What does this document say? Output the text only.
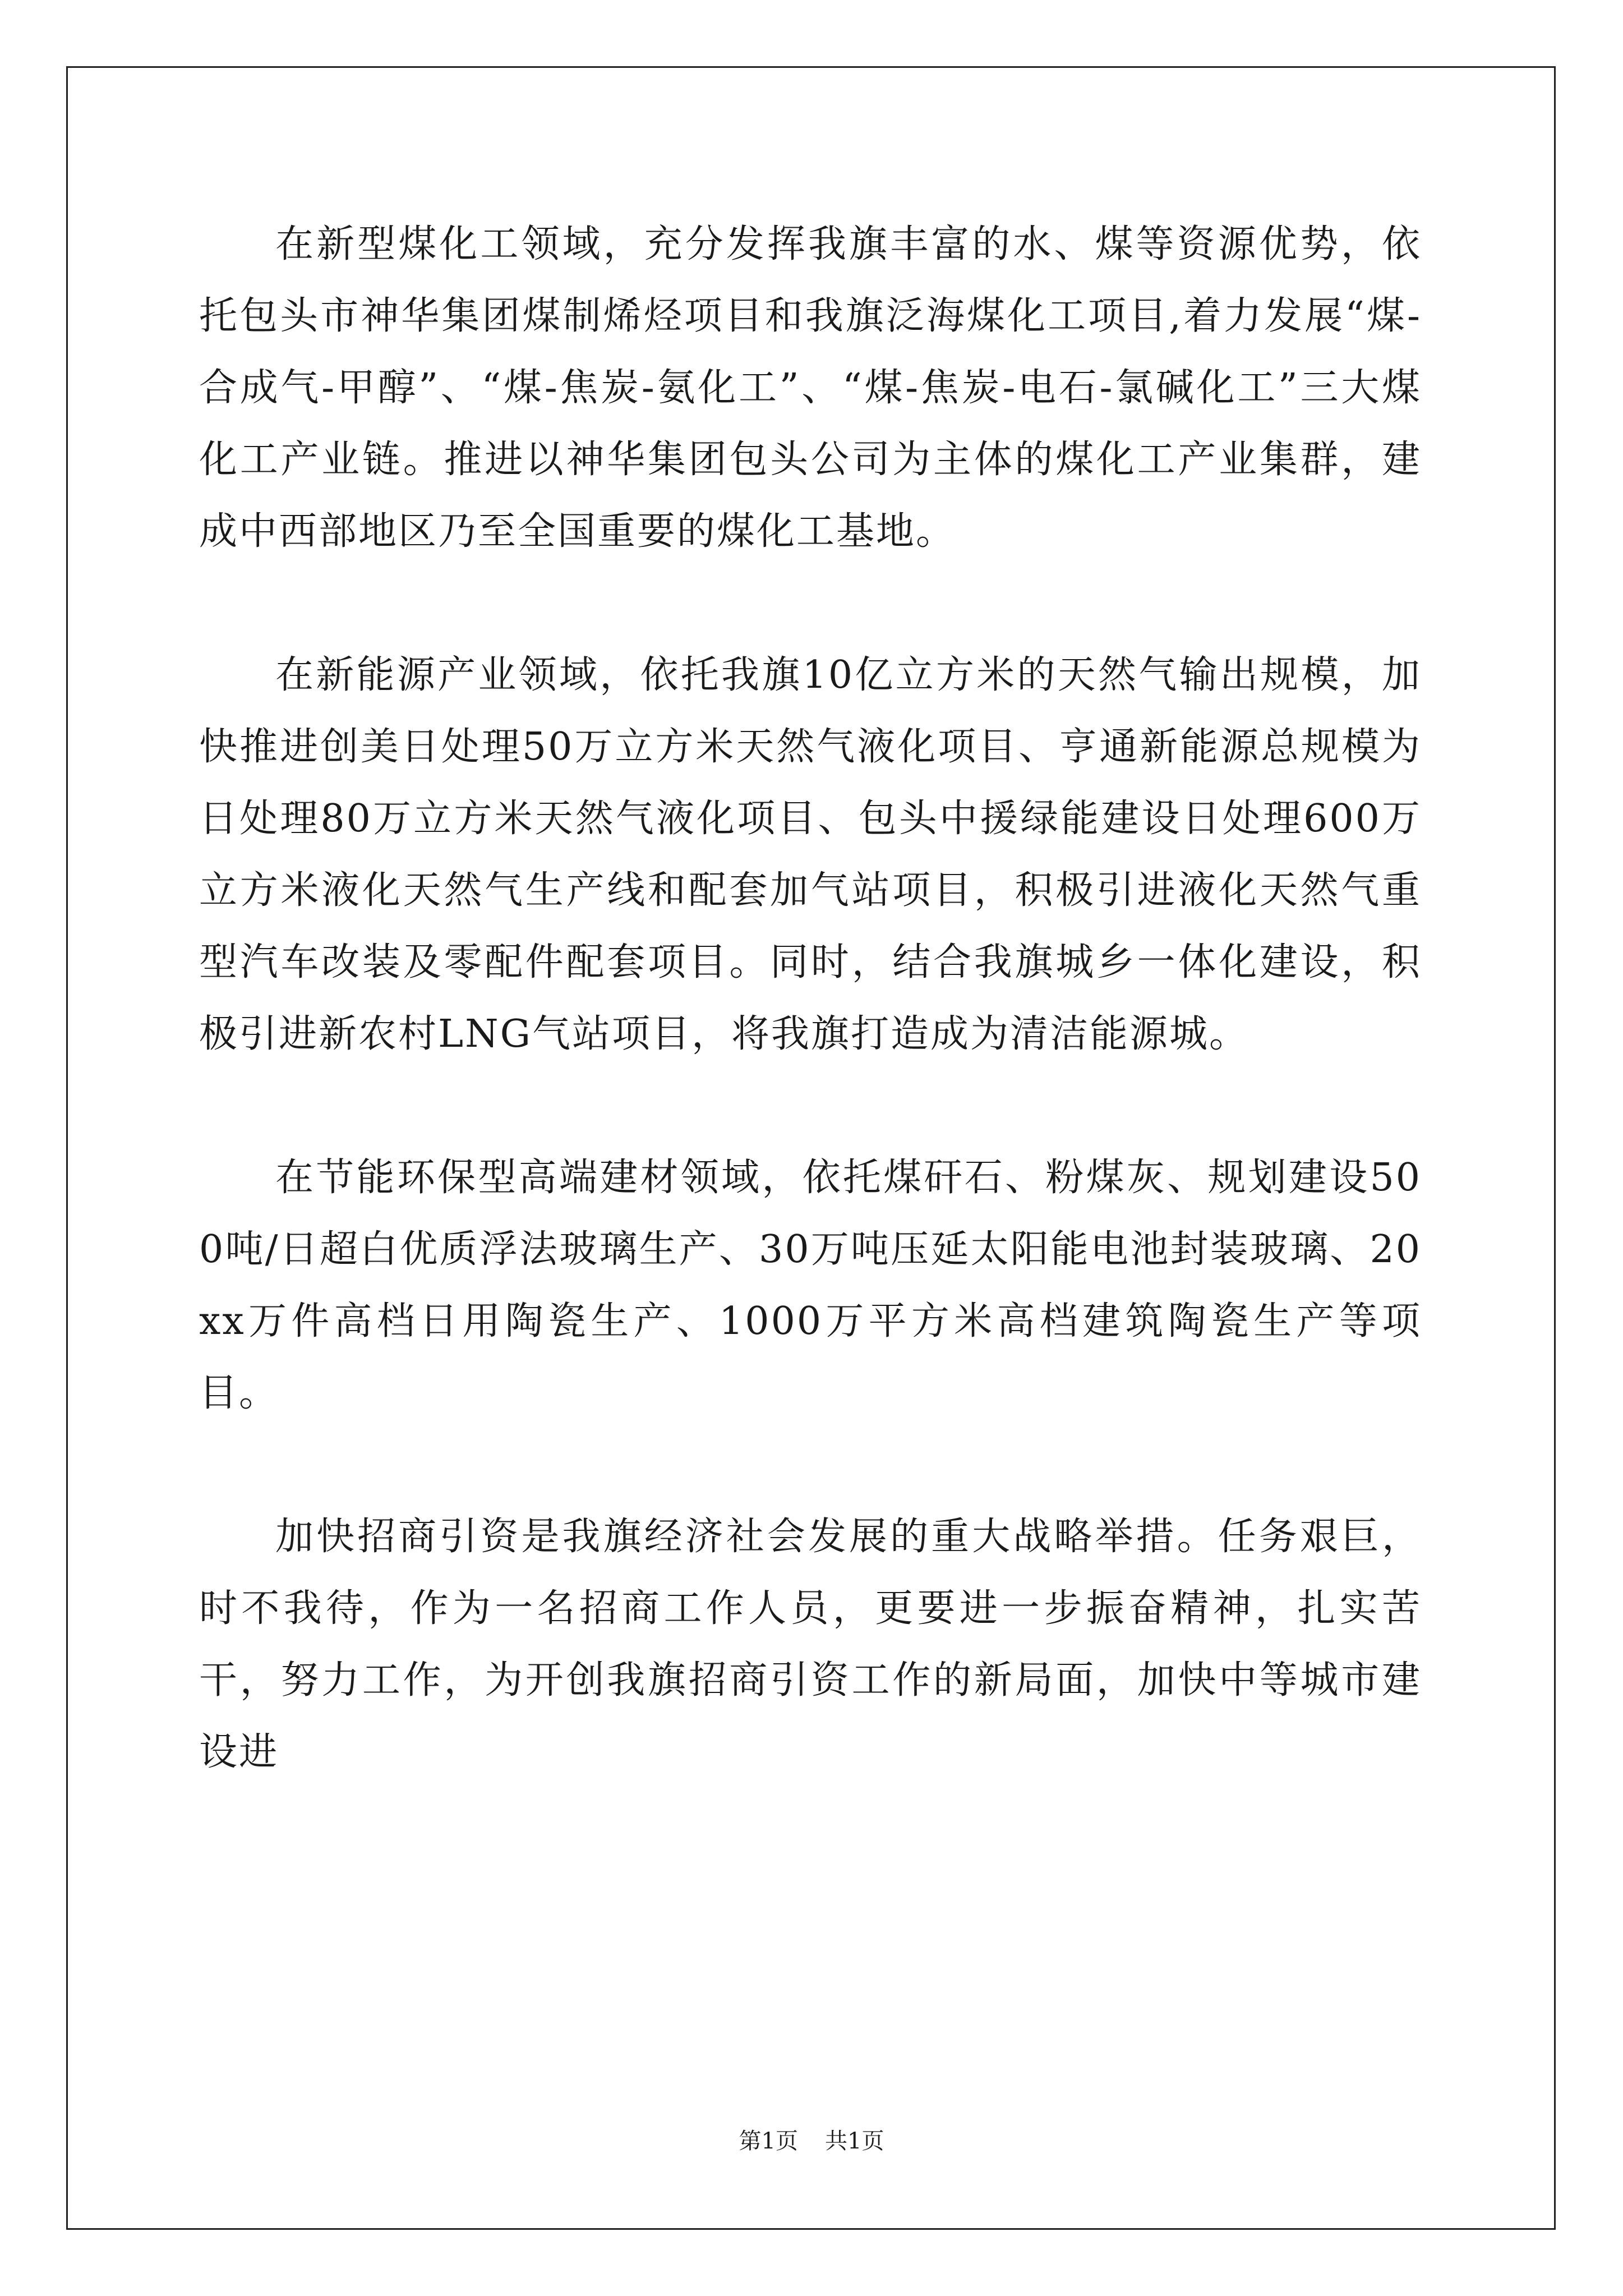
在新型煤化工领域，充分发挥我旗丰富的水、煤等资源优势，依托包头市神华集团煤制烯烃项目和我旗泛海煤化工项目,着力发展“煤-合成气-甲醇”、“煤-焦炭-氨化工”、“煤-焦炭-电石-氯碱化工”三大煤化工产业链。推进以神华集团包头公司为主体的煤化工产业集群，建成中西部地区乃至全国重要的煤化工基地。

在新能源产业领域，依托我旗10亿立方米的天然气输出规模，加快推进创美日处理50万立方米天然气液化项目、亨通新能源总规模为日处理80万立方米天然气液化项目、包头中援绿能建设日处理600万立方米液化天然气生产线和配套加气站项目，积极引进液化天然气重型汽车改装及零配件配套项目。同时，结合我旗城乡一体化建设，积极引进新农村LNG气站项目，将我旗打造成为清洁能源城。

在节能环保型高端建材领域，依托煤矸石、粉煤灰、规划建设500吨/日超白优质浮法玻璃生产、30万吨压延太阳能电池封装玻璃、20xx万件高档日用陶瓷生产、1000万平方米高档建筑陶瓷生产等项目。

加快招商引资是我旗经济社会发展的重大战略举措。任务艰巨，时不我待，作为一名招商工作人员，更要进一步振奋精神，扎实苦干，努力工作，为开创我旗招商引资工作的新局面，加快中等城市建设进

第1页 共1页
